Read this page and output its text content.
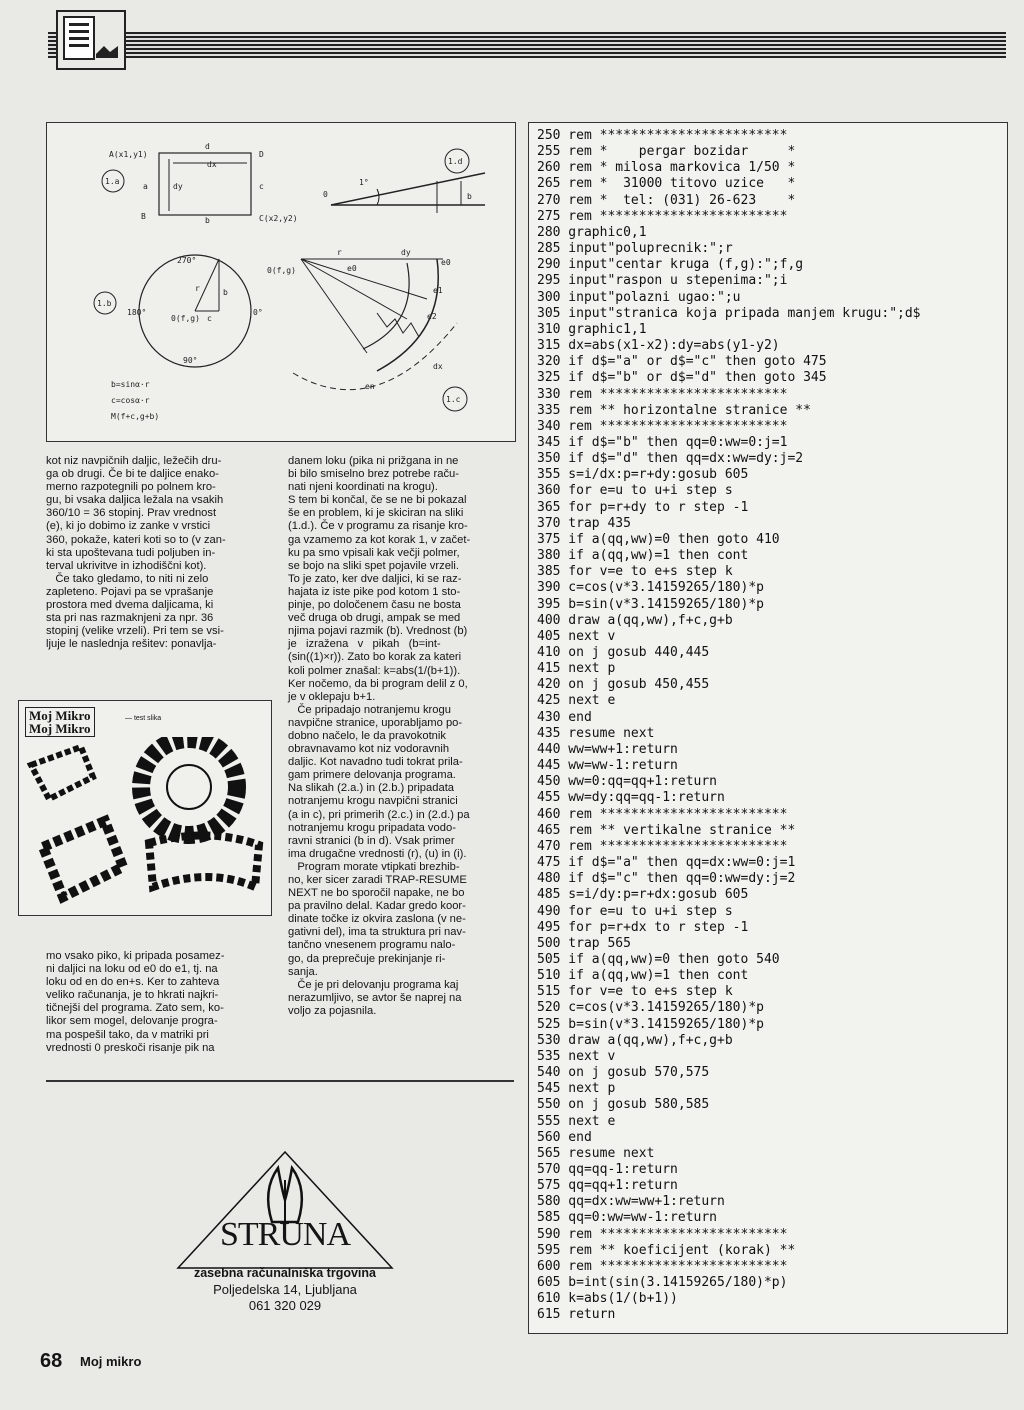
A(x1,y1)
d
D
dx
dy
a	c
B	b	C(x2,y2)
1.a
0
1°
b
1.d
270°
180°	0°
90°
0(f,g)
r	b
c
1.b
b=sinα·r
c=cosα·r
M(f+c,g+b)
0(f,g)
r	dy
e0
e0
e1
e2
en
dx
1.c

kot niz navpičnih daljic, ležečih dru-
ga ob drugi. Če bi te daljice enako-
merno razpotegnili po polnem kro-
gu, bi vsaka daljica ležala na vsakih
360/10 = 36 stopinj. Prav vrednost
(e), ki jo dobimo iz zanke v vrstici
360, pokaže, kateri koti so to (v zan-
ki sta upoštevana tudi poljuben in-
terval ukrivitve in izhodiščni kot).
Če tako gledamo, to niti ni zelo
zapleteno. Pojavi pa se vprašanje
prostora med dvema daljicama, ki
sta pri nas razmaknjeni za npr. 36
stopinj (velike vrzeli). Pri tem se vsi-
ljuje le naslednja rešitev: ponavlja-

Moj Mikro
Moj Mikro
— test slika

mo vsako piko, ki pripada posamez-
ni daljici na loku od e0 do e1, tj. na
loku od en do en+s. Ker to zahteva
veliko računanja, je to hkrati najkri-
tičnejši del programa. Zato sem, ko-
likor sem mogel, delovanje progra-
ma pospešil tako, da v matriki pri
vrednosti 0 preskoči risanje pik na

danem loku (pika ni prižgana in ne
bi bilo smiselno brez potrebe raču-
nati njeni koordinati na krogu).
S tem bi končal, če se ne bi pokazal
še en problem, ki je skiciran na sliki
(1.d.). Če v programu za risanje kro-
ga vzamemo za kot korak 1, v začet-
ku pa smo vpisali kak večji polmer,
se bojo na sliki spet pojavile vrzeli.
To je zato, ker dve daljici, ki se raz-
hajata iz iste pike pod kotom 1 sto-
pinje, po določenem času ne bosta
več druga ob drugi, ampak se med
njima pojavi razmik (b). Vrednost (b)
je   izražena   v   pikah   (b=int-
(sin((1)×r)). Zato bo korak za kateri
koli polmer znašal: k=abs(1/(b+1)).
Ker nočemo, da bi program delil z 0,
je v oklepaju b+1.
Če pripadajo notranjemu krogu
navpične stranice, uporabljamo po-
dobno načelo, le da pravokotnik
obravnavamo kot niz vodoravnih
daljic. Kot navadno tudi tokrat prila-
gam primere delovanja programa.
Na slikah (2.a.) in (2.b.) pripadata
notranjemu krogu navpični stranici
(a in c), pri primerih (2.c.) in (2.d.) pa
notranjemu krogu pripadata vodo-
ravni stranici (b in d). Vsak primer
ima drugačne vrednosti (r), (u) in (i).
Program morate vtipkati brezhib-
no, ker sicer zaradi TRAP-RESUME
NEXT ne bo sporočil napake, ne bo
pa pravilno delal. Kadar gredo koor-
dinate točke iz okvira zaslona (v ne-
gativni del), ima ta struktura pri nav-
tančno vnesenem programu nalo-
go, da preprečuje prekinjanje ri-
sanja.
Če je pri delovanju programa kaj
nerazumljivo, se avtor še naprej na
voljo za pojasnila.

STRUNA
zasebna računalniška trgovina
Poljedelska 14, Ljubljana
061 320 029
250 rem ************************
255 rem *    pergar bozidar     *
260 rem * milosa markovica 1/50 *
265 rem *  31000 titovo uzice   *
270 rem *  tel: (031) 26-623    *
275 rem ************************
280 graphic0,1
285 input"polupreсnik:";r
290 input"centar kruga (f,g):";f,g
295 input"raspon u stepenima:";i
300 input"polazni ugao:";u
305 input"stranica koja pripada manjem krugu:";d$
310 graphic1,1
315 dx=abs(x1-x2):dy=abs(y1-y2)
320 if d$="a" or d$="c" then goto 475
325 if d$="b" or d$="d" then goto 345
330 rem ************************
335 rem ** horizontalne stranice **
340 rem ************************
345 if d$="b" then qq=0:ww=0:j=1
350 if d$="d" then qq=dx:ww=dy:j=2
355 s=i/dx:p=r+dy:gosub 605
360 for e=u to u+i step s
365 for p=r+dy to r step -1
370 trap 435
375 if a(qq,ww)=0 then goto 410
380 if a(qq,ww)=1 then cont
385 for v=e to e+s step k
390 c=cos(v*3.14159265/180)*p
395 b=sin(v*3.14159265/180)*p
400 draw a(qq,ww),f+c,g+b
405 next v
410 on j gosub 440,445
415 next p
420 on j gosub 450,455
425 next e
430 end
435 resume next
440 ww=ww+1:return
445 ww=ww-1:return
450 ww=0:qq=qq+1:return
455 ww=dy:qq=qq-1:return
460 rem ************************
465 rem ** vertikalne stranice **
470 rem ************************
475 if d$="a" then qq=dx:ww=0:j=1
480 if d$="c" then qq=0:ww=dy:j=2
485 s=i/dy:p=r+dx:gosub 605
490 for e=u to u+i step s
495 for p=r+dx to r step -1
500 trap 565
505 if a(qq,ww)=0 then goto 540
510 if a(qq,ww)=1 then cont
515 for v=e to e+s step k
520 c=cos(v*3.14159265/180)*p
525 b=sin(v*3.14159265/180)*p
530 draw a(qq,ww),f+c,g+b
535 next v
540 on j gosub 570,575
545 next p
550 on j gosub 580,585
555 next e
560 end
565 resume next
570 qq=qq-1:return
575 qq=qq+1:return
580 qq=dx:ww=ww+1:return
585 qq=0:ww=ww-1:return
590 rem ************************
595 rem ** koeficijent (korak) **
600 rem ************************
605 b=int(sin(3.14159265/180)*p)
610 k=abs(1/(b+1))
615 return
68 Moj mikro
